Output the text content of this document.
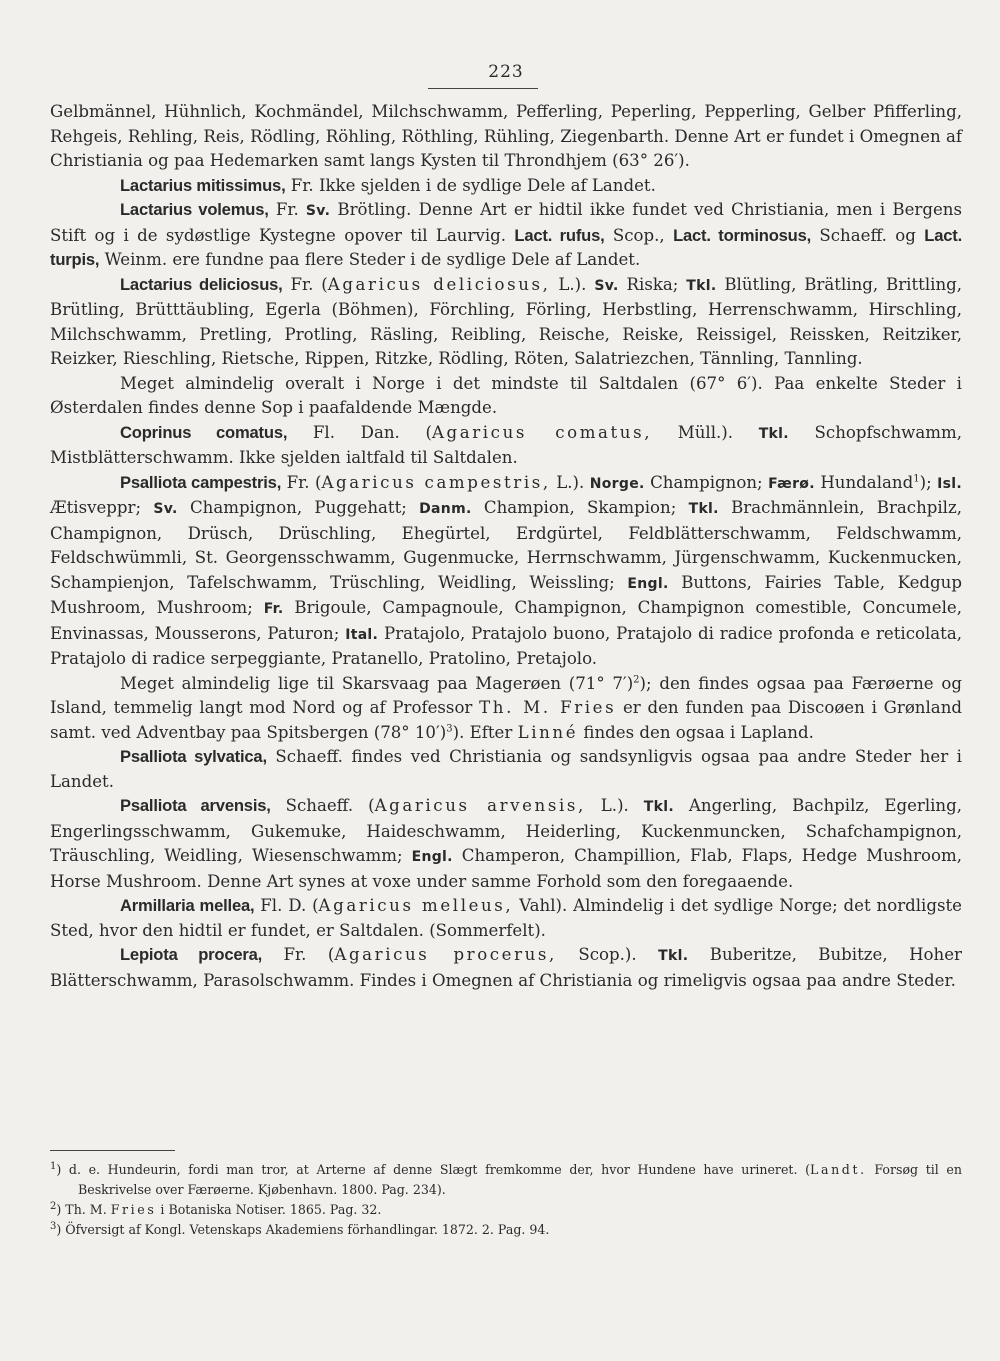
223

Gelbmännel, Hühnlich, Kochmändel, Milchschwamm, Pefferling, Peperling, Pepperling, Gelber Pfifferling, Rehgeis, Rehling, Reis, Rödling, Röhling, Röthling, Rühling, Ziegenbarth. Denne Art er fundet i Omegnen af Christiania og paa Hedemarken samt langs Kysten til Throndhjem (63° 26′).

Lactarius mitissimus, Fr. Ikke sjelden i de sydlige Dele af Landet.

Lactarius volemus, Fr. Sv. Brötling. Denne Art er hidtil ikke fundet ved Christiania, men i Bergens Stift og i de sydøstlige Kystegne opover til Laurvig. Lact. rufus, Scop., Lact. torminosus, Schaeff. og Lact. turpis, Weinm. ere fundne paa flere Steder i de sydlige Dele af Landet.

Lactarius deliciosus, Fr. (Agaricus deliciosus, L.). Sv. Riska; Tkl. Blütling, Brätling, Brittling, Brütling, Brütttäubling, Egerla (Böhmen), Förchling, Förling, Herbstling, Herrenschwamm, Hirschling, Milchschwamm, Pretling, Protling, Räsling, Reibling, Reische, Reiske, Reissigel, Reissken, Reitziker, Reizker, Rieschling, Rietsche, Rippen, Ritzke, Rödling, Röten, Salatriezchen, Tännling, Tannling.

Meget almindelig overalt i Norge i det mindste til Saltdalen (67° 6′). Paa enkelte Steder i Østerdalen findes denne Sop i paafaldende Mængde.

Coprinus comatus, Fl. Dan. (Agaricus comatus, Müll.). Tkl. Schopfschwamm, Mistblätterschwamm. Ikke sjelden ialtfald til Saltdalen.

Psalliota campestris, Fr. (Agaricus campestris, L.). Norge. Champignon; Færø. Hundaland$^1$); Isl. Ætisveppr; Sv. Champignon, Puggehatt; Danm. Champion, Skampion; Tkl. Brachmännlein, Brachpilz, Champignon, Drüsch, Drüschling, Ehegürtel, Erdgürtel, Feldblätterschwamm, Feldschwamm, Feldschwümmli, St. Georgensschwamm, Gugenmucke, Herrnschwamm, Jürgenschwamm, Kuckenmucken, Schampienjon, Tafelschwamm, Trüschling, Weidling, Weissling; Engl. Buttons, Fairies Table, Kedgup Mushroom, Mushroom; Fr. Brigoule, Campagnoule, Champignon, Champignon comestible, Concumele, Envinassas, Mousserons, Paturon; Ital. Pratajolo, Pratajolo buono, Pratajolo di radice profonda e reticolata, Pratajolo di radice serpeggiante, Pratanello, Pratolino, Pretajolo.

Meget almindelig lige til Skarsvaag paa Magerøen (71° 7′)$^2$); den findes ogsaa paa Færøerne og Island, temmelig langt mod Nord og af Professor Th. M. Fries er den funden paa Discoøen i Grønland samt. ved Adventbay paa Spitsbergen (78° 10′)$^3$). Efter Linné findes den ogsaa i Lapland.

Psalliota sylvatica, Schaeff. findes ved Christiania og sandsynligvis ogsaa paa andre Steder her i Landet.

Psalliota arvensis, Schaeff. (Agaricus arvensis, L.). Tkl. Angerling, Bachpilz, Egerling, Engerlingsschwamm, Gukemuke, Haideschwamm, Heiderling, Kuckenmuncken, Schafchampignon, Träuschling, Weidling, Wiesenschwamm; Engl. Champeron, Champillion, Flab, Flaps, Hedge Mushroom, Horse Mushroom. Denne Art synes at voxe under samme Forhold som den foregaaende.

Armillaria mellea, Fl. D. (Agaricus melleus, Vahl). Almindelig i det sydlige Norge; det nordligste Sted, hvor den hidtil er fundet, er Saltdalen. (Sommerfelt).

Lepiota procera, Fr. (Agaricus procerus, Scop.). Tkl. Buberitze, Bubitze, Hoher Blätterschwamm, Parasolschwamm. Findes i Omegnen af Christiania og rimeligvis ogsaa paa andre Steder.

$^1$) d. e. Hundeurin, fordi man tror, at Arterne af denne Slægt fremkomme der, hvor Hundene have urineret. (Landt. Forsøg til en Beskrivelse over Færøerne. Kjøbenhavn. 1800. Pag. 234).

$^2$) Th. M. Fries i Botaniska Notiser. 1865. Pag. 32.

$^3$) Öfversigt af Kongl. Vetenskaps Akademiens förhandlingar. 1872. 2. Pag. 94.
